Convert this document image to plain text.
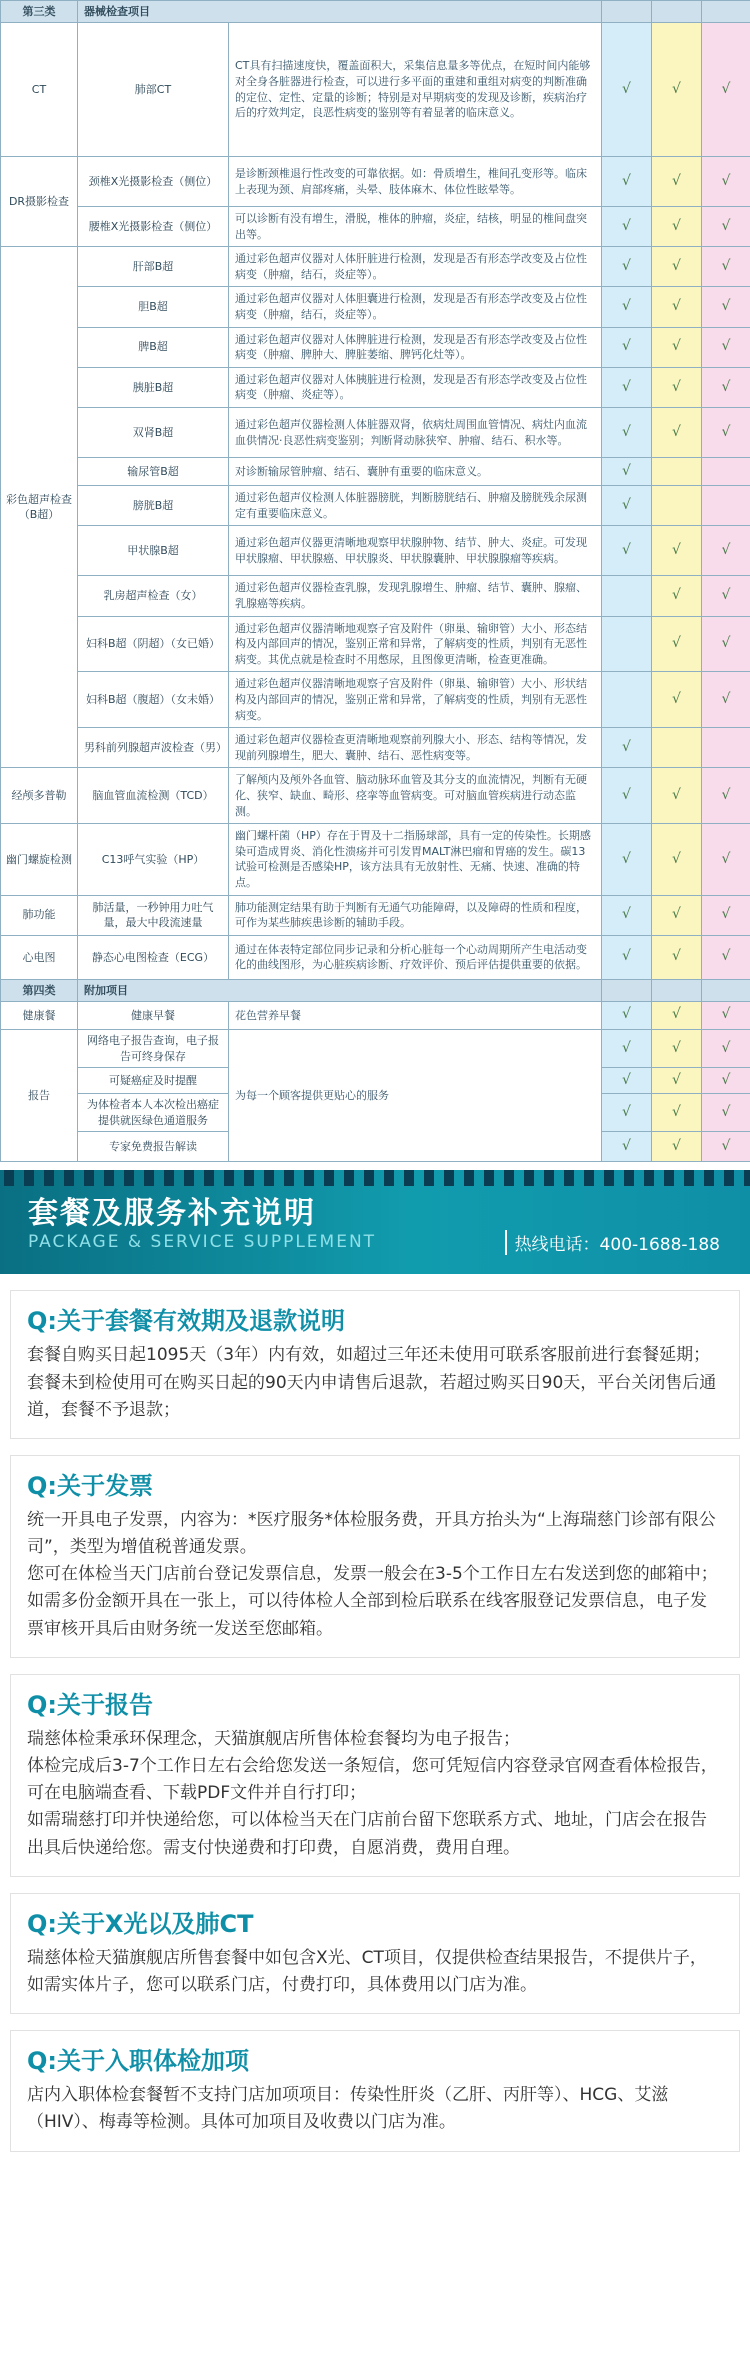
第三类	器械检查项目				
CT	肺部CT	CT具有扫描速度快，覆盖面积大，采集信息量多等优点，在短时间内能够对全身各脏器进行检查，可以进行多平面的重建和重组对病变的判断准确的定位、定性、定量的诊断；特别是对早期病变的发现及诊断，疾病治疗后的疗效判定，良恶性病变的鉴别等有着显著的临床意义。	√	√	√
DR摄影检查	颈椎X光摄影检查（侧位）	是诊断颈椎退行性改变的可靠依据。如：骨质增生，椎间孔变形等。临床上表现为颈、肩部疼痛，头晕、肢体麻木、体位性眩晕等。	√	√	√
	腰椎X光摄影检查（侧位）	可以诊断有没有增生，滑脱，椎体的肿瘤，炎症，结核，明显的椎间盘突出等。	√	√	√
彩色超声检查（B超）	肝部B超	通过彩色超声仪器对人体肝脏进行检测，发现是否有形态学改变及占位性病变（肿瘤，结石，炎症等）。	√	√	√
	胆B超	通过彩色超声仪器对人体胆囊进行检测，发现是否有形态学改变及占位性病变（肿瘤，结石，炎症等）。	√	√	√
	脾B超	通过彩色超声仪器对人体脾脏进行检测，发现是否有形态学改变及占位性病变（肿瘤、脾肿大、脾脏萎缩、脾钙化灶等）。	√	√	√
	胰脏B超	通过彩色超声仪器对人体胰脏进行检测，发现是否有形态学改变及占位性病变（肿瘤、炎症等）。	√	√	√
	双肾B超	通过彩色超声仪器检测人体脏器双肾，依病灶周围血管情况、病灶内血流血供情况·良恶性病变鉴别；判断肾动脉狭窄、肿瘤、结石、积水等。	√	√	√
	输尿管B超	对诊断输尿管肿瘤、结石、囊肿有重要的临床意义。	√		
	膀胱B超	通过彩色超声仪检测人体脏器膀胱，判断膀胱结石、肿瘤及膀胱残余尿测定有重要临床意义。	√		
	甲状腺B超	通过彩色超声仪器更清晰地观察甲状腺肿物、结节、肿大、炎症。可发现甲状腺瘤、甲状腺癌、甲状腺炎、甲状腺囊肿、甲状腺腺瘤等疾病。	√	√	√
	乳房超声检查（女）	通过彩色超声仪器检查乳腺，发现乳腺增生、肿瘤、结节、囊肿、腺瘤、乳腺癌等疾病。		√	√
	妇科B超（阴超）（女已婚）	通过彩色超声仪器清晰地观察子宫及附件（卵巢、输卵管）大小、形态结构及内部回声的情况，鉴别正常和异常，了解病变的性质，判别有无恶性病变。其优点就是检查时不用憋尿，且图像更清晰，检查更准确。		√	√
	妇科B超（腹超）（女未婚）	通过彩色超声仪器清晰地观察子宫及附件（卵巢、输卵管）大小、形状结构及内部回声的情况，鉴别正常和异常，了解病变的性质，判别有无恶性病变。		√	√
	男科前列腺超声波检查（男）	通过彩色超声仪器检查更清晰地观察前列腺大小、形态、结构等情况，发现前列腺增生，肥大、囊肿、结石、恶性病变等。	√		
经颅多普勒	脑血管血流检测（TCD）	了解颅内及颅外各血管、脑动脉环血管及其分支的血流情况，判断有无硬化、狭窄、缺血、畸形、痉挛等血管病变。可对脑血管疾病进行动态监测。	√	√	√
幽门螺旋检测	C13呼气实验（HP）	幽门螺杆菌（HP）存在于胃及十二指肠球部，具有一定的传染性。长期感染可造成胃炎、消化性溃疡并可引发胃MALT淋巴瘤和胃癌的发生。碳13试验可检测是否感染HP，该方法具有无放射性、无痛、快速、准确的特点。	√	√	√
肺功能	肺活量，一秒钟用力吐气量，最大中段流速量	肺功能测定结果有助于判断有无通气功能障碍，以及障碍的性质和程度，可作为某些肺疾患诊断的辅助手段。	√	√	√
心电图	静态心电图检查（ECG）	通过在体表特定部位同步记录和分析心脏每一个心动周期所产生电活动变化的曲线图形，为心脏疾病诊断、疗效评价、预后评估提供重要的依据。	√	√	√
第四类	附加项目				
健康餐	健康早餐	花色营养早餐	√	√	√
报告	网络电子报告查询，电子报告可终身保存	为每一个顾客提供更贴心的服务	√	√	√
	可疑癌症及时提醒		√	√	√
	为体检者本人本次检出癌症提供就医绿色通道服务		√	√	√
	专家免费报告解读		√	√	√
套餐及服务补充说明
PACKAGE & SERVICE SUPPLEMENT	热线电话：400-1688-188
Q:关于套餐有效期及退款说明
套餐自购买日起1095天（3年）内有效，如超过三年还未使用可联系客服前进行套餐延期；
套餐未到检使用可在购买日起的90天内申请售后退款，若超过购买日90天，平台关闭售后通道，套餐不予退款；
Q:关于发票
统一开具电子发票，内容为：*医疗服务*体检服务费，开具方抬头为“上海瑞慈门诊部有限公司”，类型为增值税普通发票。
您可在体检当天门店前台登记发票信息，发票一般会在3-5个工作日左右发送到您的邮箱中；如需多份金额开具在一张上，可以待体检人全部到检后联系在线客服登记发票信息，电子发票审核开具后由财务统一发送至您邮箱。
Q:关于报告
瑞慈体检秉承环保理念，天猫旗舰店所售体检套餐均为电子报告；
体检完成后3-7个工作日左右会给您发送一条短信，您可凭短信内容登录官网查看体检报告，可在电脑端查看、下载PDF文件并自行打印；
如需瑞慈打印并快递给您，可以体检当天在门店前台留下您联系方式、地址，门店会在报告出具后快递给您。需支付快递费和打印费，自愿消费，费用自理。
Q:关于X光以及肺CT
瑞慈体检天猫旗舰店所售套餐中如包含X光、CT项目，仅提供检查结果报告，不提供片子，如需实体片子，您可以联系门店，付费打印，具体费用以门店为准。
Q:关于入职体检加项
店内入职体检套餐暂不支持门店加项项目：传染性肝炎（乙肝、丙肝等）、HCG、艾滋（HIV）、梅毒等检测。具体可加项目及收费以门店为准。
